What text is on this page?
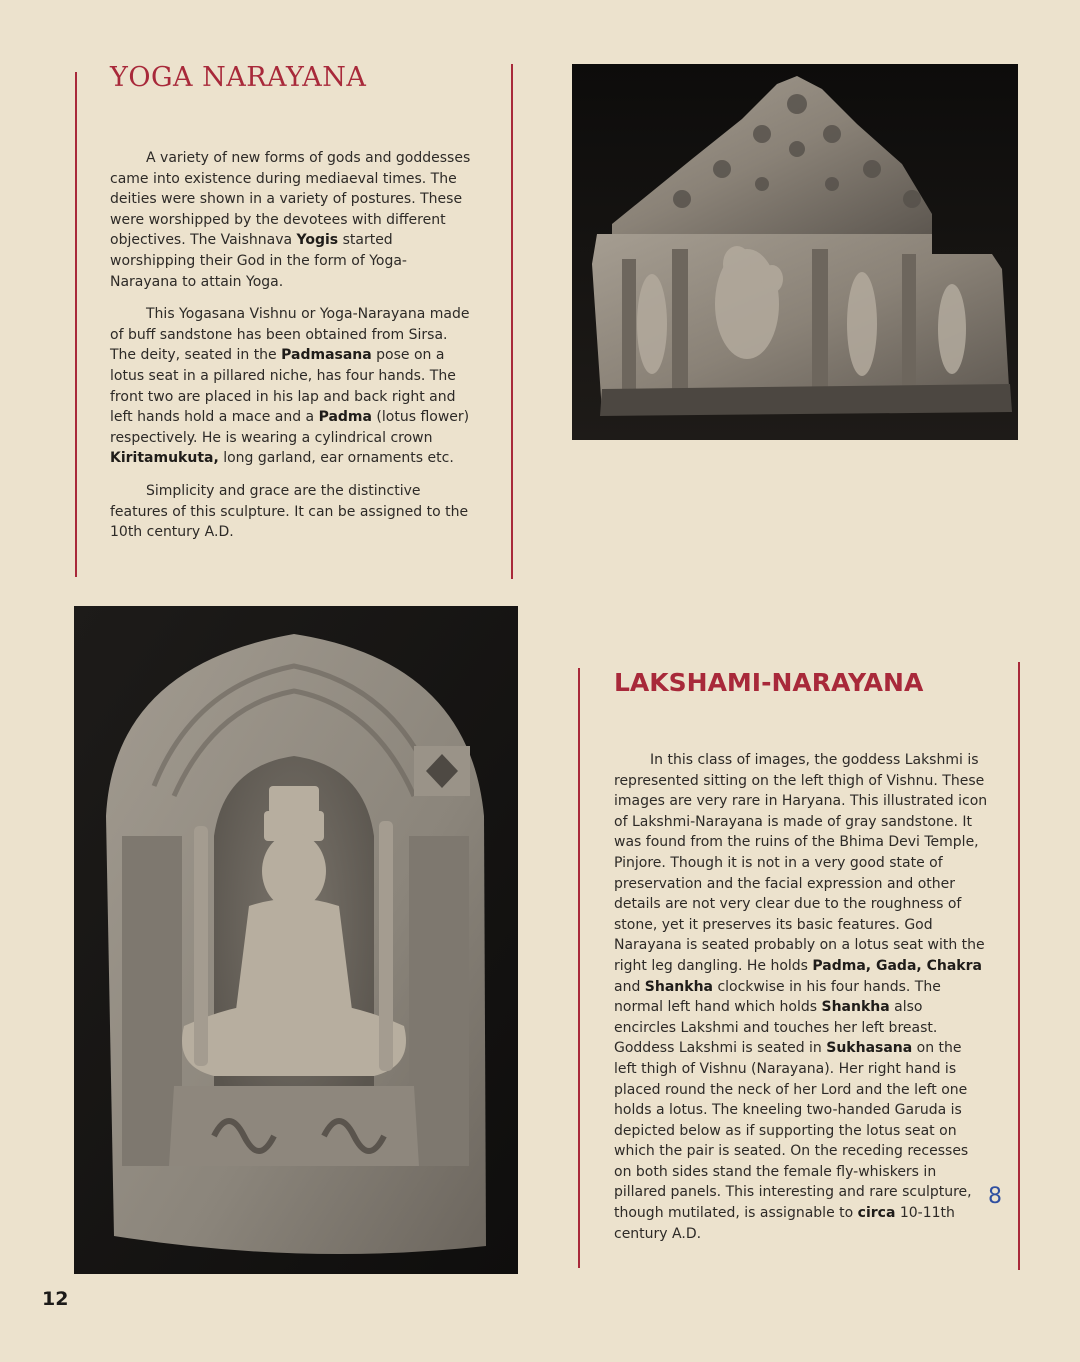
YOGA NARAYANA

A variety of new forms of gods and goddesses came into existence during mediaeval times. The deities were shown in a variety of postures. These were worshipped by the devotees with different objectives. The Vaishnava Yogis started worshipping their God in the form of Yoga-Narayana to attain Yoga.

This Yogasana Vishnu or Yoga-Narayana made of buff sandstone has been obtained from Sirsa. The deity, seated in the Padmasana pose on a lotus seat in a pillared niche, has four hands. The front two are placed in his lap and back right and left hands hold a mace and a Padma (lotus flower) respectively. He is wearing a cylindrical crown Kiritamukuta, long garland, ear ornaments etc.

Simplicity and grace are the distinctive features of this sculpture. It can be assigned to the 10th century A.D.

LAKSHAMI-NARAYANA

In this class of images, the goddess Lakshmi is represented sitting on the left thigh of Vishnu. These images are very rare in Haryana. This illustrated icon of Lakshmi-Narayana is made of gray sandstone. It was found from the ruins of the Bhima Devi Temple, Pinjore. Though it is not in a very good state of preservation and the facial expression and other details are not very clear due to the roughness of stone, yet it preserves its basic features. God Narayana is seated probably on a lotus seat with the right leg dangling. He holds Padma, Gada, Chakra and Shankha clockwise in his four hands. The normal left hand which holds Shankha also encircles Lakshmi and touches her left breast. Goddess Lakshmi is seated in Sukhasana on the left thigh of Vishnu (Narayana). Her right hand is placed round the neck of her Lord and the left one holds a lotus. The kneeling two-handed Garuda is depicted below as if supporting the lotus seat on which the pair is seated. On the receding recesses on both sides stand the female fly-whiskers in pillared panels. This interesting and rare sculpture, though mutilated, is assignable to circa 10-11th century A.D.

8
12
